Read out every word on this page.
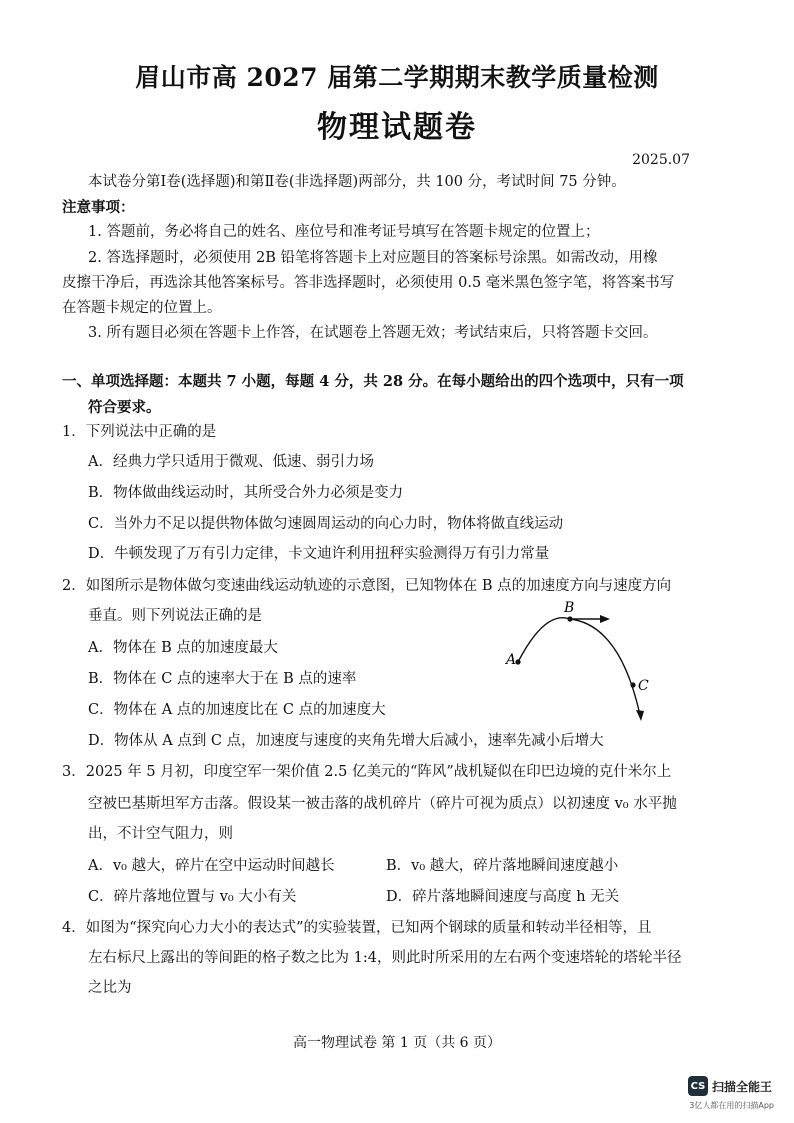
眉山市高 2027 届第二学期期末教学质量检测
物理试题卷
2025.07
本试卷分第Ⅰ卷(选择题)和第Ⅱ卷(非选择题)两部分，共 100 分，考试时间 75 分钟。
注意事项：
1. 答题前，务必将自己的姓名、座位号和准考证号填写在答题卡规定的位置上；
2. 答选择题时，必须使用 2B 铅笔将答题卡上对应题目的答案标号涂黑。如需改动，用橡
皮擦干净后，再选涂其他答案标号。答非选择题时，必须使用 0.5 毫米黑色签字笔，将答案书写
在答题卡规定的位置上。
3. 所有题目必须在答题卡上作答，在试题卷上答题无效；考试结束后，只将答题卡交回。
一、单项选择题：本题共 7 小题，每题 4 分，共 28 分。在每小题给出的四个选项中，只有一项
符合要求。
1．下列说法中正确的是
A．经典力学只适用于微观、低速、弱引力场
B．物体做曲线运动时，其所受合外力必须是变力
C．当外力不足以提供物体做匀速圆周运动的向心力时，物体将做直线运动
D．牛顿发现了万有引力定律，卡文迪许利用扭秤实验测得万有引力常量
2．如图所示是物体做匀变速曲线运动轨迹的示意图，已知物体在 B 点的加速度方向与速度方向
垂直。则下列说法正确的是
A．物体在 B 点的加速度最大
B．物体在 C 点的速率大于在 B 点的速率
C．物体在 A 点的加速度比在 C 点的加速度大
D．物体从 A 点到 C 点，加速度与速度的夹角先增大后减小，速率先减小后增大
A
B
C
3．2025 年 5 月初，印度空军一架价值 2.5 亿美元的“阵风”战机疑似在印巴边境的克什米尔上
空被巴基斯坦军方击落。假设某一被击落的战机碎片（碎片可视为质点）以初速度 v₀ 水平抛
出，不计空气阻力，则
A．v₀ 越大，碎片在空中运动时间越长	B．v₀ 越大，碎片落地瞬间速度越小
C．碎片落地位置与 v₀ 大小有关	D．碎片落地瞬间速度与高度 h 无关
4．如图为“探究向心力大小的表达式”的实验装置，已知两个钢球的质量和转动半径相等，且
左右标尺上露出的等间距的格子数之比为 1:4，则此时所采用的左右两个变速塔轮的塔轮半径
之比为
高一物理试卷 第 1 页（共 6 页）
CS 扫描全能王
3亿人都在用的扫描App
